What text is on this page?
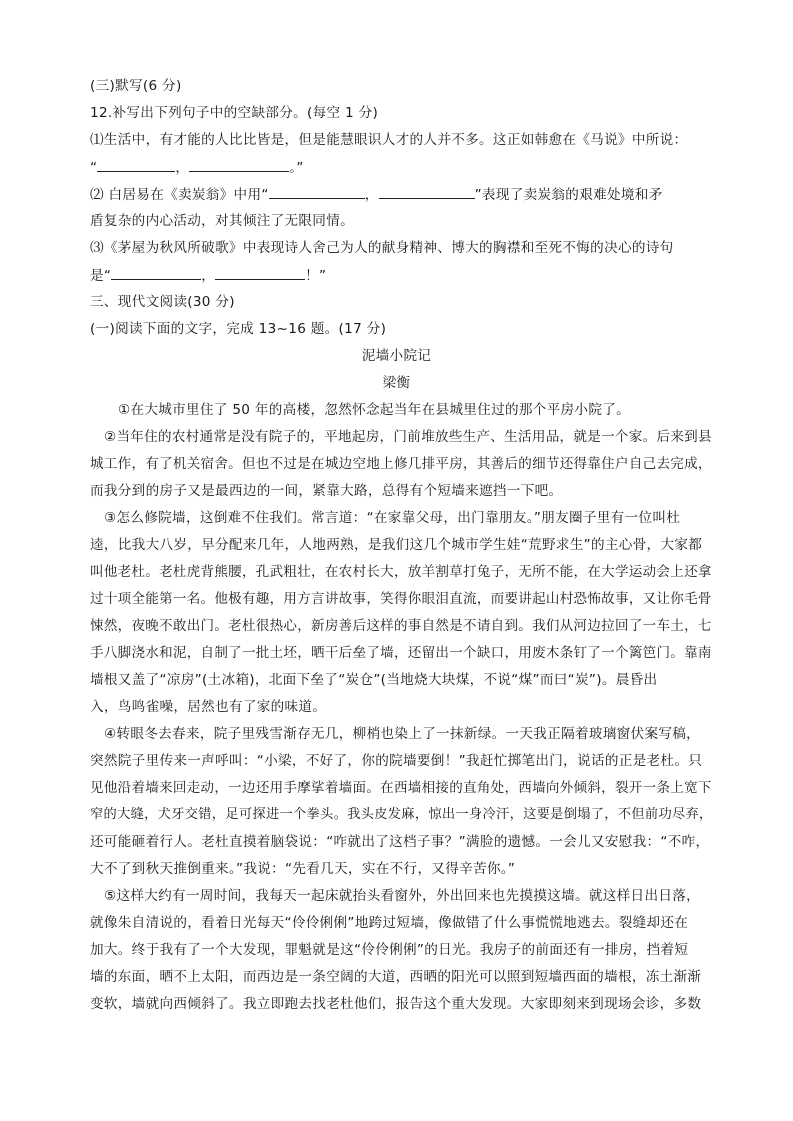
(三)默写(6 分)
12.补写出下列句子中的空缺部分。(每空 1 分)
⑴生活中，有才能的人比比皆是，但是能慧眼识人才的人并不多。这正如韩愈在《马说》中所说：
“	，	。”
⑵ 白居易在《卖炭翁》中用“	，	”表现了卖炭翁的艰难处境和矛
盾复杂的内心活动，对其倾注了无限同情。
⑶《茅屋为秋风所破歌》中表现诗人舍己为人的献身精神、博大的胸襟和至死不悔的决心的诗句
是“	，	！”
三、现代文阅读(30 分)
(一)阅读下面的文字，完成 13~16 题。(17 分)
泥墙小院记
梁衡
①在大城市里住了 50 年的高楼，忽然怀念起当年在县城里住过的那个平房小院了。
②当年住的农村通常是没有院子的，平地起房，门前堆放些生产、生活用品，就是一个家。后来到县
城工作，有了机关宿舍。但也不过是在城边空地上修几排平房，其善后的细节还得靠住户自己去完成，
而我分到的房子又是最西边的一间，紧靠大路，总得有个短墙来遮挡一下吧。
③怎么修院墙，这倒难不住我们。常言道：“在家靠父母，出门靠朋友。”朋友圈子里有一位叫杜
逵，比我大八岁，早分配来几年，人地两熟，是我们这几个城市学生娃“荒野求生”的主心骨，大家都
叫他老杜。老杜虎背熊腰，孔武粗壮，在农村长大，放羊割草打兔子，无所不能，在大学运动会上还拿
过十项全能第一名。他极有趣，用方言讲故事，笑得你眼泪直流，而要讲起山村恐怖故事，又让你毛骨
悚然，夜晚不敢出门。老杜很热心，新房善后这样的事自然是不请自到。我们从河边拉回了一车土，七
手八脚浇水和泥，自制了一批土坯，晒干后垒了墙，还留出一个缺口，用废木条钉了一个篱笆门。靠南
墙根又盖了“凉房”(土冰箱)，北面下垒了“炭仓”(当地烧大块煤，不说“煤”而曰“炭”)。晨昏出
入，鸟鸣雀噪，居然也有了家的味道。
④转眼冬去春来，院子里残雪渐存无几，柳梢也染上了一抹新绿。一天我正隔着玻璃窗伏案写稿，
突然院子里传来一声呼叫：“小梁，不好了，你的院墙要倒！”我赶忙掷笔出门，说话的正是老杜。只
见他沿着墙来回走动，一边还用手摩挲着墙面。在西墙相接的直角处，西墙向外倾斜，裂开一条上宽下
窄的大缝，犬牙交错，足可探进一个拳头。我头皮发麻，惊出一身冷汗，这要是倒塌了，不但前功尽弃，
还可能砸着行人。老杜直摸着脑袋说：“咋就出了这档子事？”满脸的遗憾。一会儿又安慰我：“不咋，
大不了到秋天推倒重来。”我说：“先看几天，实在不行，又得辛苦你。”
⑤这样大约有一周时间，我每天一起床就抬头看窗外，外出回来也先摸摸这墙。就这样日出日落，
就像朱自清说的，看着日光每天“伶伶俐俐”地跨过短墙，像做错了什么事慌慌地逃去。裂缝却还在
加大。终于我有了一个大发现，罪魁就是这“伶伶俐俐”的日光。我房子的前面还有一排房，挡着短
墙的东面，晒不上太阳，而西边是一条空阔的大道，西晒的阳光可以照到短墙西面的墙根，冻土渐渐
变软，墙就向西倾斜了。我立即跑去找老杜他们，报告这个重大发现。大家即刻来到现场会诊，多数
